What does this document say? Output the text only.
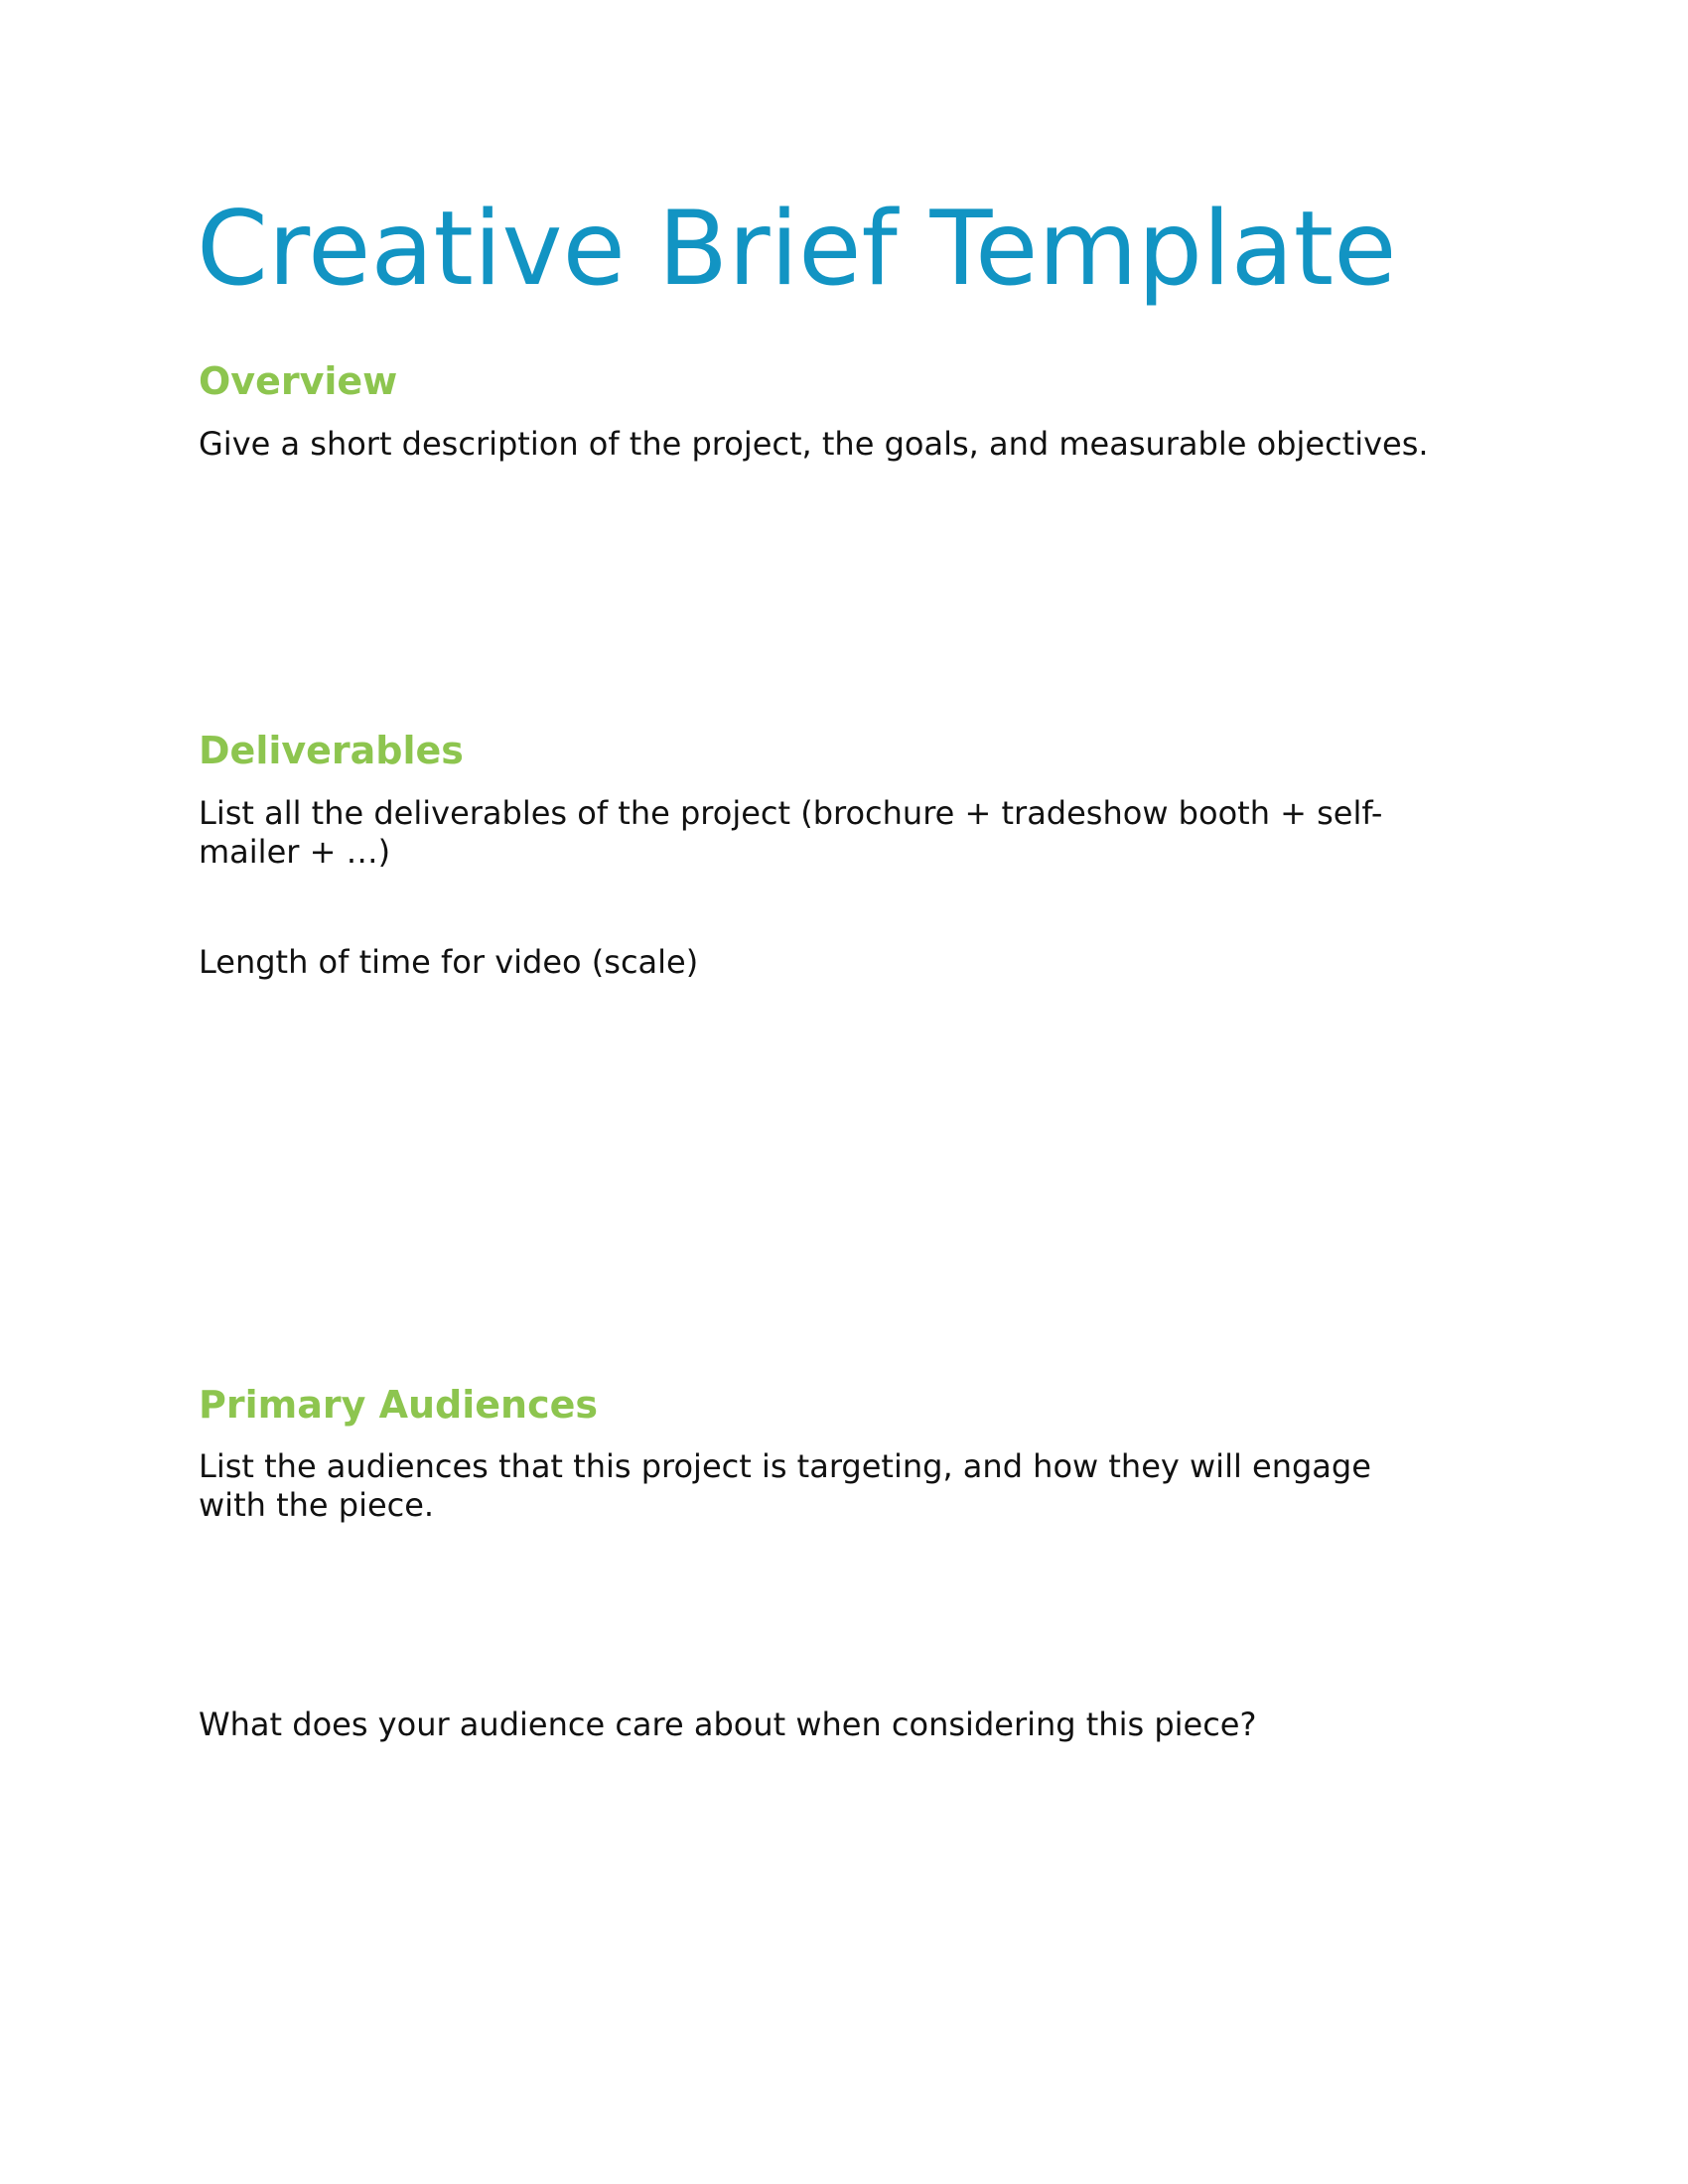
Creative Brief Template
Overview

Give a short description of the project, the goals, and measurable objectives.

Deliverables

List all the deliverables of the project (brochure + tradeshow booth + self-mailer + …)

Length of time for video (scale)

Primary Audiences

List the audiences that this project is targeting, and how they will engage with the piece.

What does your audience care about when considering this piece?
